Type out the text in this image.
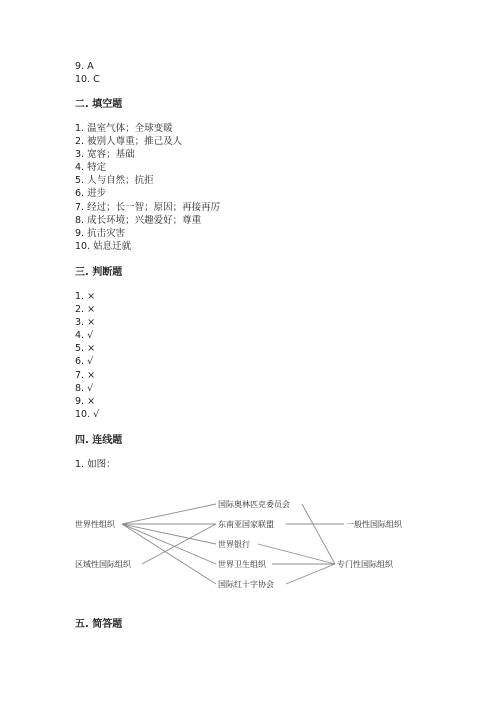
9. A
10. C
二. 填空题
1. 温室气体；全球变暖
2. 被别人尊重；推己及人
3. 宽容；基础
4. 特定
5. 人与自然；抗拒
6. 进步
7. 经过；长一智；原因；再接再厉
8. 成长环境；兴趣爱好；尊重
9. 抗击灾害
10. 姑息迁就
三. 判断题
1. ×
2. ×
3. ×
4. √
5. ×
6. √
7. ×
8. √
9. ×
10. √
四. 连线题
1. 如图：
世界性组织
区域性国际组织
国际奥林匹克委员会
东南亚国家联盟
世界银行
世界卫生组织
国际红十字协会
一般性国际组织
专门性国际组织
五. 简答题
